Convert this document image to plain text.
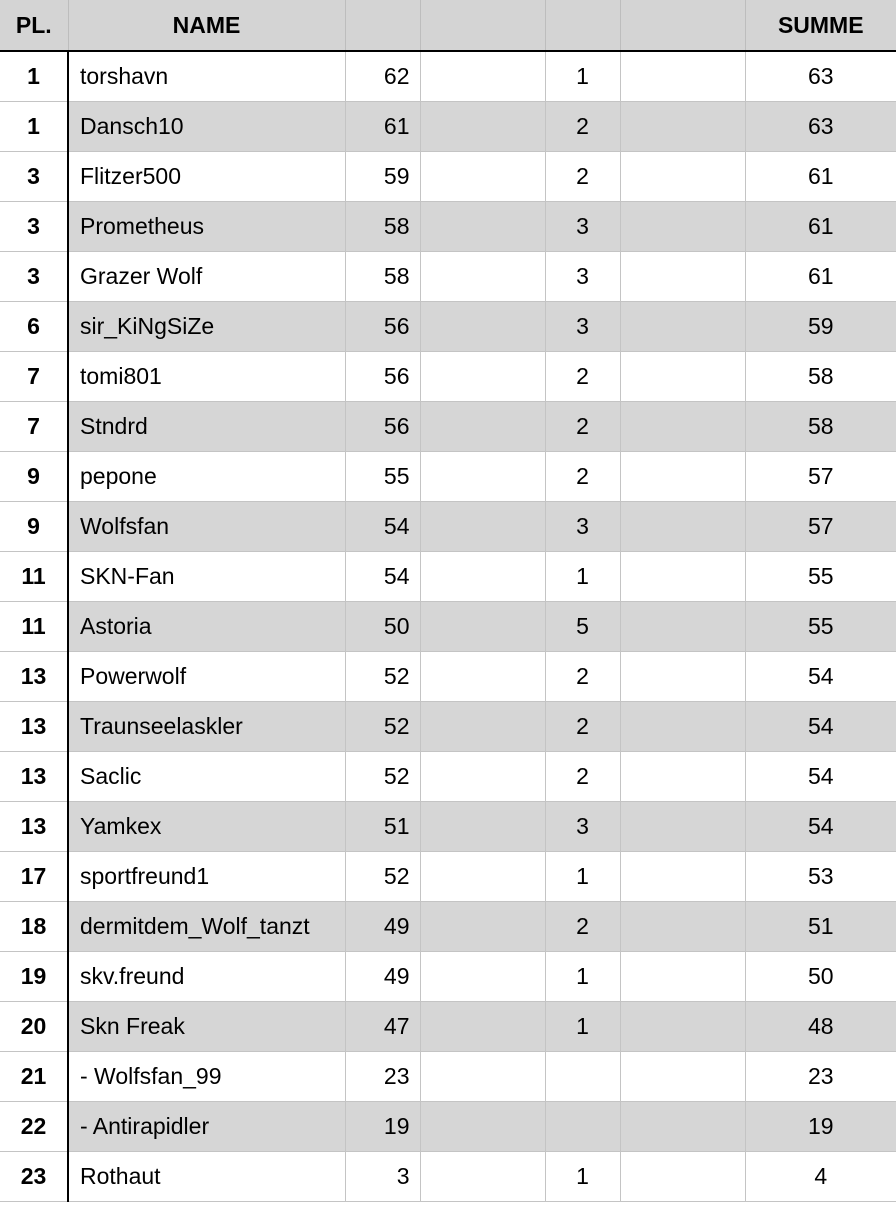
PL.	NAME					SUMME
1	torshavn	62		1		63
1	Dansch10	61		2		63
3	Flitzer500	59		2		61
3	Prometheus	58		3		61
3	Grazer Wolf	58		3		61
6	sir_KiNgSiZe	56		3		59
7	tomi801	56		2		58
7	Stndrd	56		2		58
9	pepone	55		2		57
9	Wolfsfan	54		3		57
11	SKN-Fan	54		1		55
11	Astoria	50		5		55
13	Powerwolf	52		2		54
13	Traunseelaskler	52		2		54
13	Saclic	52		2		54
13	Yamkex	51		3		54
17	sportfreund1	52		1		53
18	dermitdem_Wolf_tanzt	49		2		51
19	skv.freund	49		1		50
20	Skn Freak	47		1		48
21	- Wolfsfan_99	23				23
22	- Antirapidler	19				19
23	Rothaut	3		1		4
